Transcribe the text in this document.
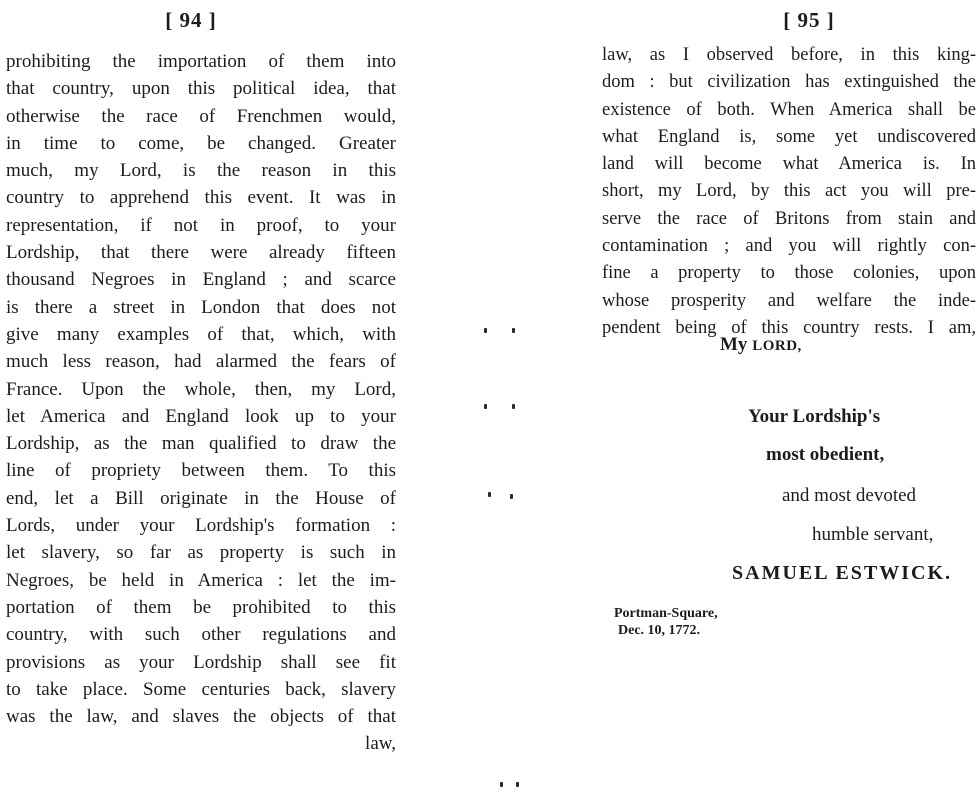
[ 94 ]
prohibiting the importation of them into
that country, upon this political idea, that
otherwise the race of Frenchmen would,
in time to come, be changed. Greater
much, my Lord, is the reason in this
country to apprehend this event. It was in
representation, if not in proof, to your
Lordship, that there were already fifteen
thousand Negroes in England ; and scarce
is there a street in London that does not
give many examples of that, which, with
much less reason, had alarmed the fears of
France. Upon the whole, then, my Lord,
let America and England look up to your
Lordship, as the man qualified to draw the
line of propriety between them. To this
end, let a Bill originate in the House of
Lords, under your Lordship's formation :
let slavery, so far as property is such in
Negroes, be held in America : let the im-
portation of them be prohibited to this
country, with such other regulations and
provisions as your Lordship shall see fit
to take place. Some centuries back, slavery
was the law, and slaves the objects of that
law,
[ 95 ]
law, as I observed before, in this king-
dom : but civilization has extinguished the
existence of both. When America shall be
what England is, some yet undiscovered
land will become what America is. In
short, my Lord, by this act you will pre-
serve the race of Britons from stain and
contamination ; and you will rightly con-
fine a property to those colonies, upon
whose prosperity and welfare the inde-
pendent being of this country rests. I am,
My LORD,
Your Lordship's
most obedient,
and most devoted
humble servant,
SAMUEL ESTWICK.
Portman-Square,
Dec. 10, 1772.
